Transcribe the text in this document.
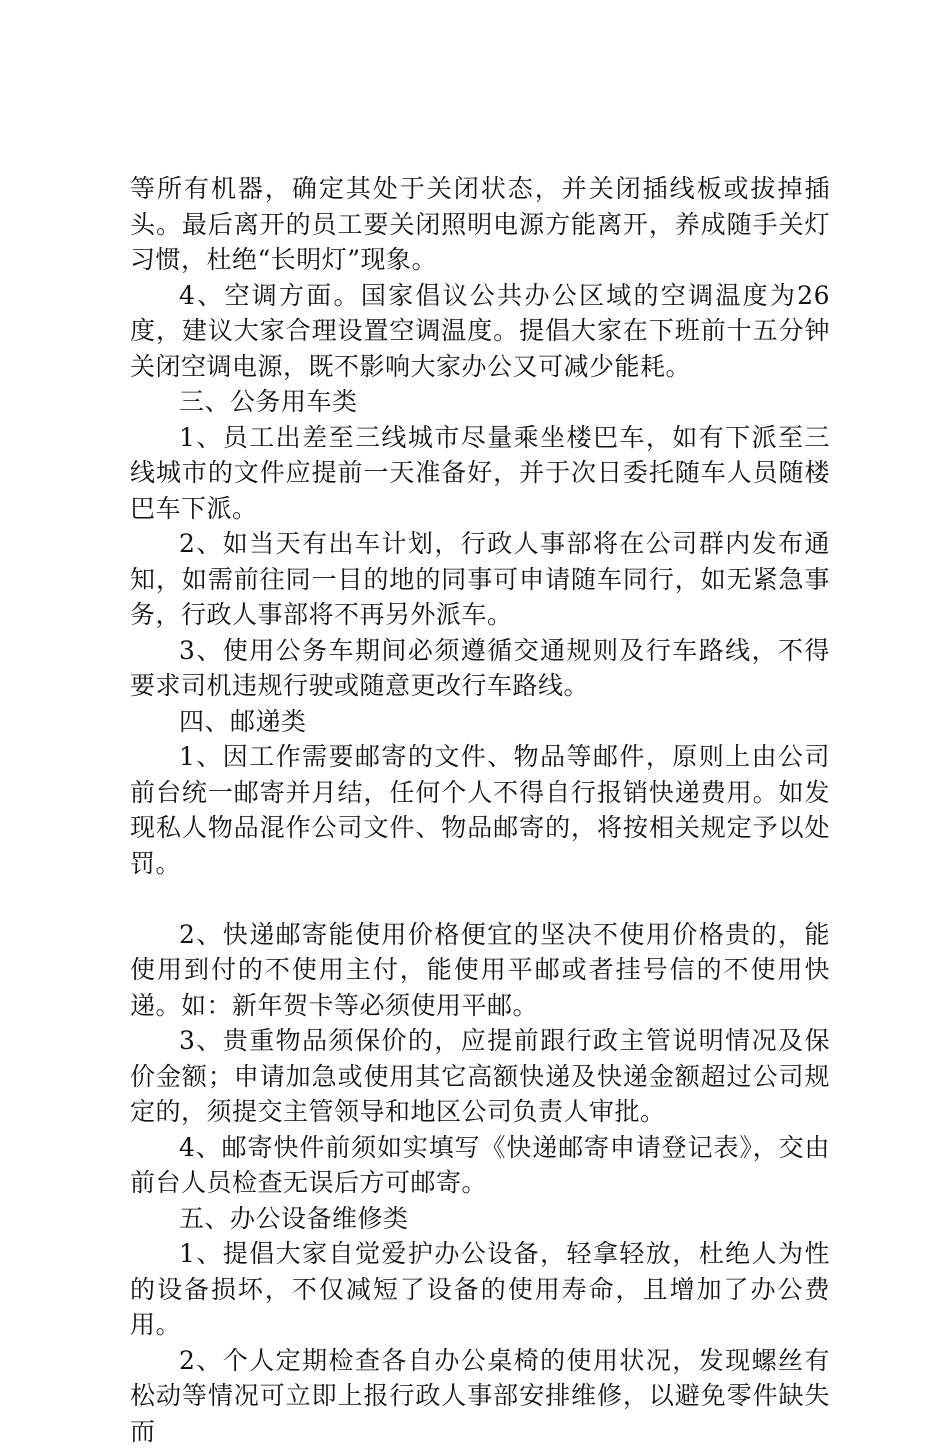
等所有机器，确定其处于关闭状态，并关闭插线板或拔掉插头。最后离开的员工要关闭照明电源方能离开，养成随手关灯习惯，杜绝“长明灯”现象。

4、空调方面。国家倡议公共办公区域的空调温度为26度，建议大家合理设置空调温度。提倡大家在下班前十五分钟关闭空调电源，既不影响大家办公又可减少能耗。

三、公务用车类

1、员工出差至三线城市尽量乘坐楼巴车，如有下派至三线城市的文件应提前一天准备好，并于次日委托随车人员随楼巴车下派。

2、如当天有出车计划，行政人事部将在公司群内发布通知，如需前往同一目的地的同事可申请随车同行，如无紧急事务，行政人事部将不再另外派车。

3、使用公务车期间必须遵循交通规则及行车路线，不得要求司机违规行驶或随意更改行车路线。

四、邮递类

1、因工作需要邮寄的文件、物品等邮件，原则上由公司前台统一邮寄并月结，任何个人不得自行报销快递费用。如发现私人物品混作公司文件、物品邮寄的，将按相关规定予以处罚。

2、快递邮寄能使用价格便宜的坚决不使用价格贵的，能使用到付的不使用主付，能使用平邮或者挂号信的不使用快递。如：新年贺卡等必须使用平邮。

3、贵重物品须保价的，应提前跟行政主管说明情况及保价金额；申请加急或使用其它高额快递及快递金额超过公司规定的，须提交主管领导和地区公司负责人审批。

4、邮寄快件前须如实填写《快递邮寄申请登记表》，交由前台人员检查无误后方可邮寄。

五、办公设备维修类

1、提倡大家自觉爱护办公设备，轻拿轻放，杜绝人为性的设备损坏，不仅减短了设备的使用寿命，且增加了办公费用。

2、个人定期检查各自办公桌椅的使用状况，发现螺丝有松动等情况可立即上报行政人事部安排维修，以避免零件缺失而
